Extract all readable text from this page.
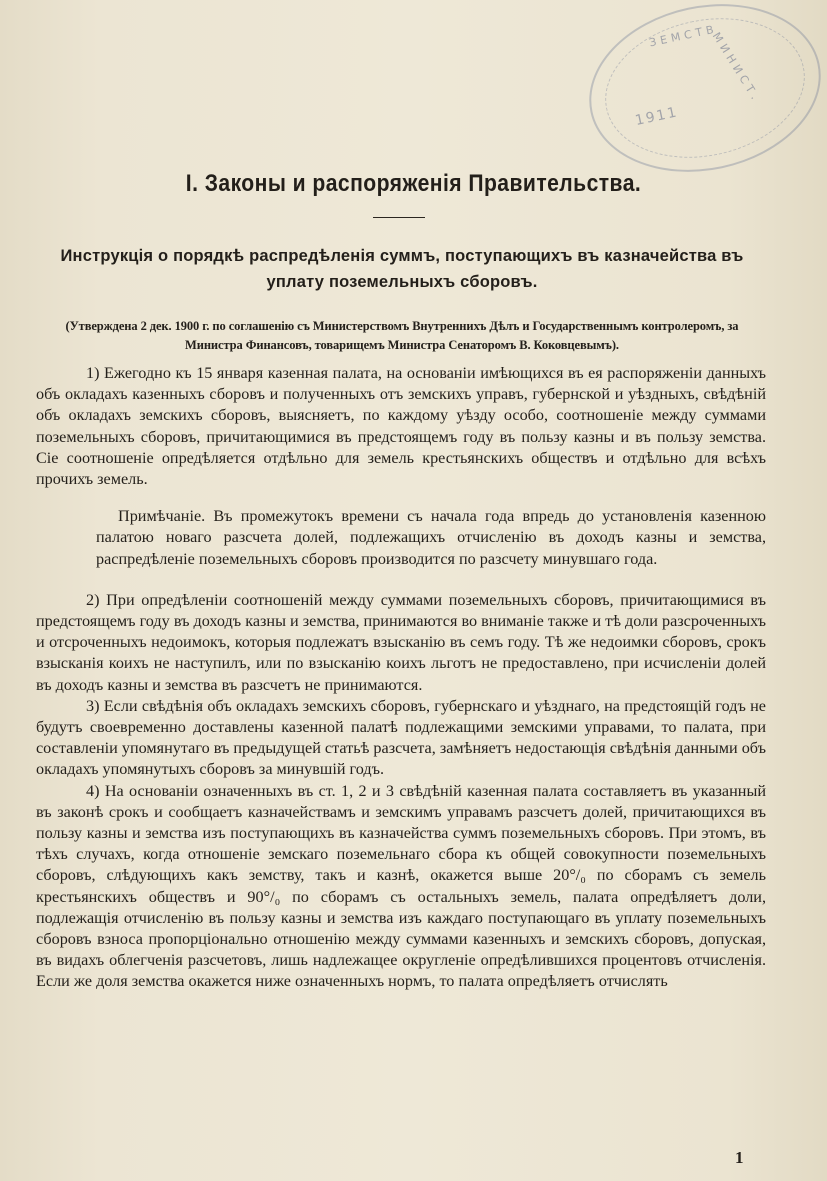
ЗЕМСТВ
МИНИСТ.
1911
I. Законы и распоряженія Правительства.
Инструкція о порядкѣ распредѣленія суммъ, поступающихъ въ казначейства въ уплату поземельныхъ сборовъ.
(Утверждена 2 дек. 1900 г. по соглашенію съ Министерствомъ Внутреннихъ Дѣлъ и Государственнымъ контролеромъ, за Министра Финансовъ, товарищемъ Министра Сенаторомъ В. Коковцевымъ).

1) Ежегодно къ 15 января казенная палата, на основаніи имѣющихся въ ея распоряженіи данныхъ объ окладахъ казенныхъ сборовъ и полученныхъ отъ земскихъ управъ, губернской и уѣздныхъ, свѣдѣній объ окладахъ земскихъ сборовъ, выясняетъ, по каждому уѣзду особо, соотношеніе между суммами поземельныхъ сборовъ, причитающимися въ предстоящемъ году въ пользу казны и въ пользу земства. Сіе соотношеніе опредѣляется отдѣльно для земель крестьянскихъ обществъ и отдѣльно для всѣхъ прочихъ земель.

Примѣчаніе. Въ промежутокъ времени съ начала года впредь до установленія казенною палатою новаго разсчета долей, подлежащихъ отчисленію въ доходъ казны и земства, распредѣленіе поземельныхъ сборовъ производится по разсчету минувшаго года.

2) При опредѣленіи соотношеній между суммами поземельныхъ сборовъ, причитающимися въ предстоящемъ году въ доходъ казны и земства, принимаются во вниманіе также и тѣ доли разсроченныхъ и отсроченныхъ недоимокъ, которыя подлежатъ взысканію въ семъ году. Тѣ же недоимки сборовъ, срокъ взысканія коихъ не наступилъ, или по взысканію коихъ льготъ не предоставлено, при исчисленіи долей въ доходъ казны и земства въ разсчетъ не принимаются.

3) Если свѣдѣнія объ окладахъ земскихъ сборовъ, губернскаго и уѣзднаго, на предстоящій годъ не будутъ своевременно доставлены казенной палатѣ подлежащими земскими управами, то палата, при составленіи упомянутаго въ предыдущей статьѣ разсчета, замѣняетъ недостающія свѣдѣнія данными объ окладахъ упомянутыхъ сборовъ за минувшій годъ.

4) На основаніи означенныхъ въ ст. 1, 2 и 3 свѣдѣній казенная палата составляетъ въ указанный въ законѣ срокъ и сообщаетъ казначействамъ и земскимъ управамъ разсчетъ долей, причитающихся въ пользу казны и земства изъ поступающихъ въ казначейства суммъ поземельныхъ сборовъ. При этомъ, въ тѣхъ случахъ, когда отношеніе земскаго поземельнаго сбора къ общей совокупности поземельныхъ сборовъ, слѣдующихъ какъ земству, такъ и казнѣ, окажется выше 20°/₀ по сборамъ съ земель крестьянскихъ обществъ и 90°/₀ по сборамъ съ остальныхъ земель, палата опредѣляетъ доли, подлежащія отчисленію въ пользу казны и земства изъ каждаго поступающаго въ уплату поземельныхъ сборовъ взноса пропорціонально отношенію между суммами казенныхъ и земскихъ сборовъ, допуская, въ видахъ облегченія разсчетовъ, лишь надлежащее округленіе опредѣлившихся процентовъ отчисленія. Если же доля земства окажется ниже означенныхъ нормъ, то палата опредѣляетъ отчислять

1
